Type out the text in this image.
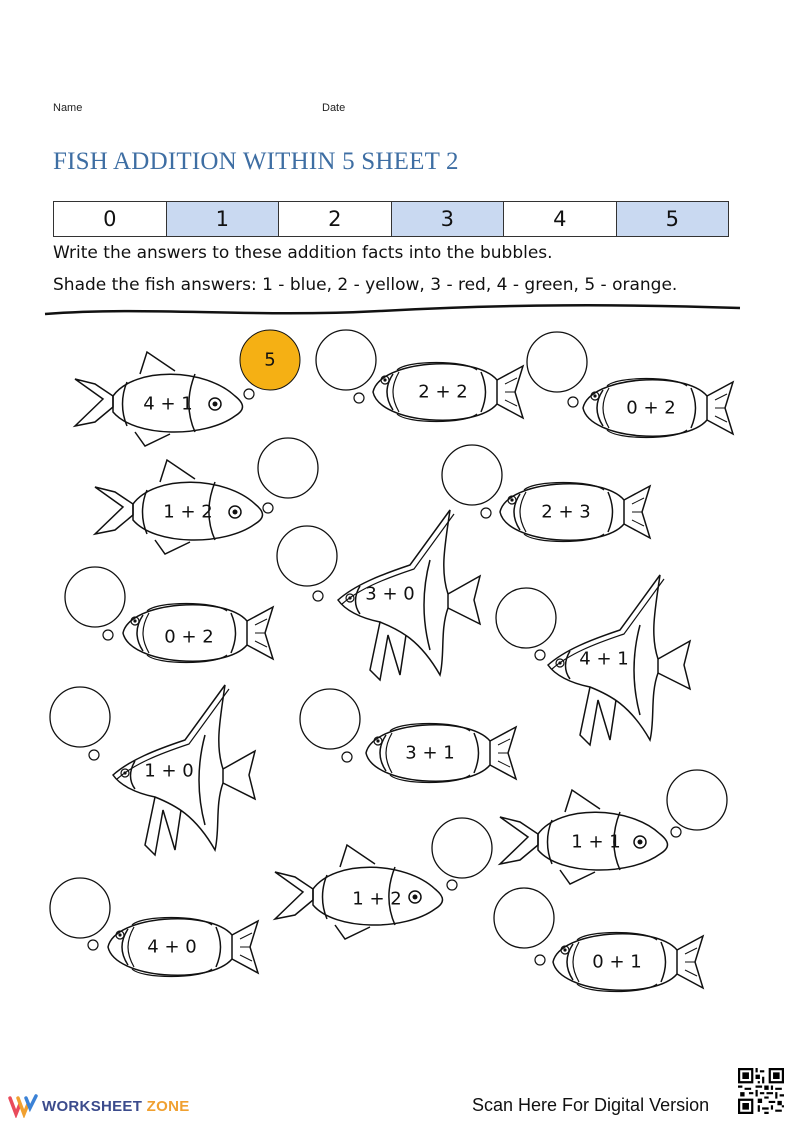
Name	Date
FISH ADDITION WITHIN 5 SHEET 2
0	1	2	3	4	5
Write the answers to these addition facts into the bubbles.
Shade the fish answers: 1 - blue, 2 - yellow, 3 - red, 4 - green, 5 - orange.
4 + 1
5
2 + 2
0 + 2
1 + 2	2 + 3
3 + 0
0 + 2
4 + 1
1 + 0
3 + 1
1 + 1
1 + 2
4 + 0
0 + 1
WORKSHEET ZONE	Scan Here For Digital Version
